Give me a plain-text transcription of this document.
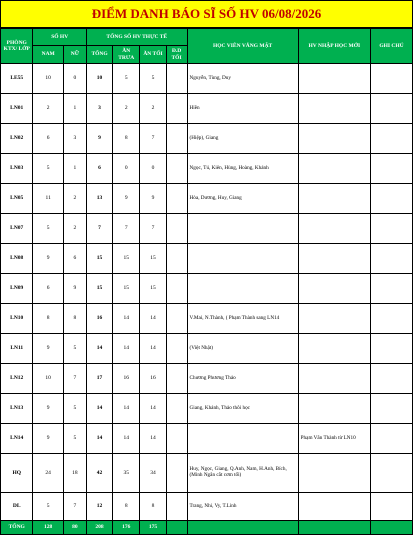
ĐIỂM DANH BÁO SĨ SỐ HV 06/08/2026
PHÒNG KTX/ LỚP	SỐ HV		TỔNG SỐ HV THỰC TẾ				HỌC VIÊN VẮNG MẶT	HV NHẬP HỌC MỚI	GHI CHÚ
	NAM	NỮ	TỔNG	ĂN TRƯA	ĂN TỐI	Đ.D TỐI			
LE55	10	0	10	5	5		Nguyễn, Tùng, Duy		
LN01	2	1	3	2	2		Hiền		
LN02	6	3	9	8	7		(Hiệp), Giang		
LN03	5	1	6	0	0		Ngọc, Tú, Kiên, Hùng, Hoàng, Khánh		
LN05	11	2	13	9	9		Hòa, Dương, Huy, Giang		
LN07	5	2	7	7	7				
LN08	9	6	15	15	15				
LN09	6	9	15	15	15				
LN10	8	8	16	14	14		V.Mai, N.Thành, ( Phạm Thành sang LN14		
LN11	9	5	14	14	14		(Việt Nhật)		
LN12	10	7	17	16	16		Chương Phương Thảo		
LN13	9	5	14	14	14		Giang, Khánh, Thảo thôi học		
LN14	9	5	14	14	14			Phạm Văn Thành từ LN10	
HQ	24	18	42	35	34		Huy, Ngọc, Giang, Q.Anh, Nam, H.Anh, Bích, (Minh Ngân cắt cơm tối)		
DL	5	7	12	8	8		Trang, Nhi, Vy, T.Linh		
TỔNG	128	80	208	176	175				
